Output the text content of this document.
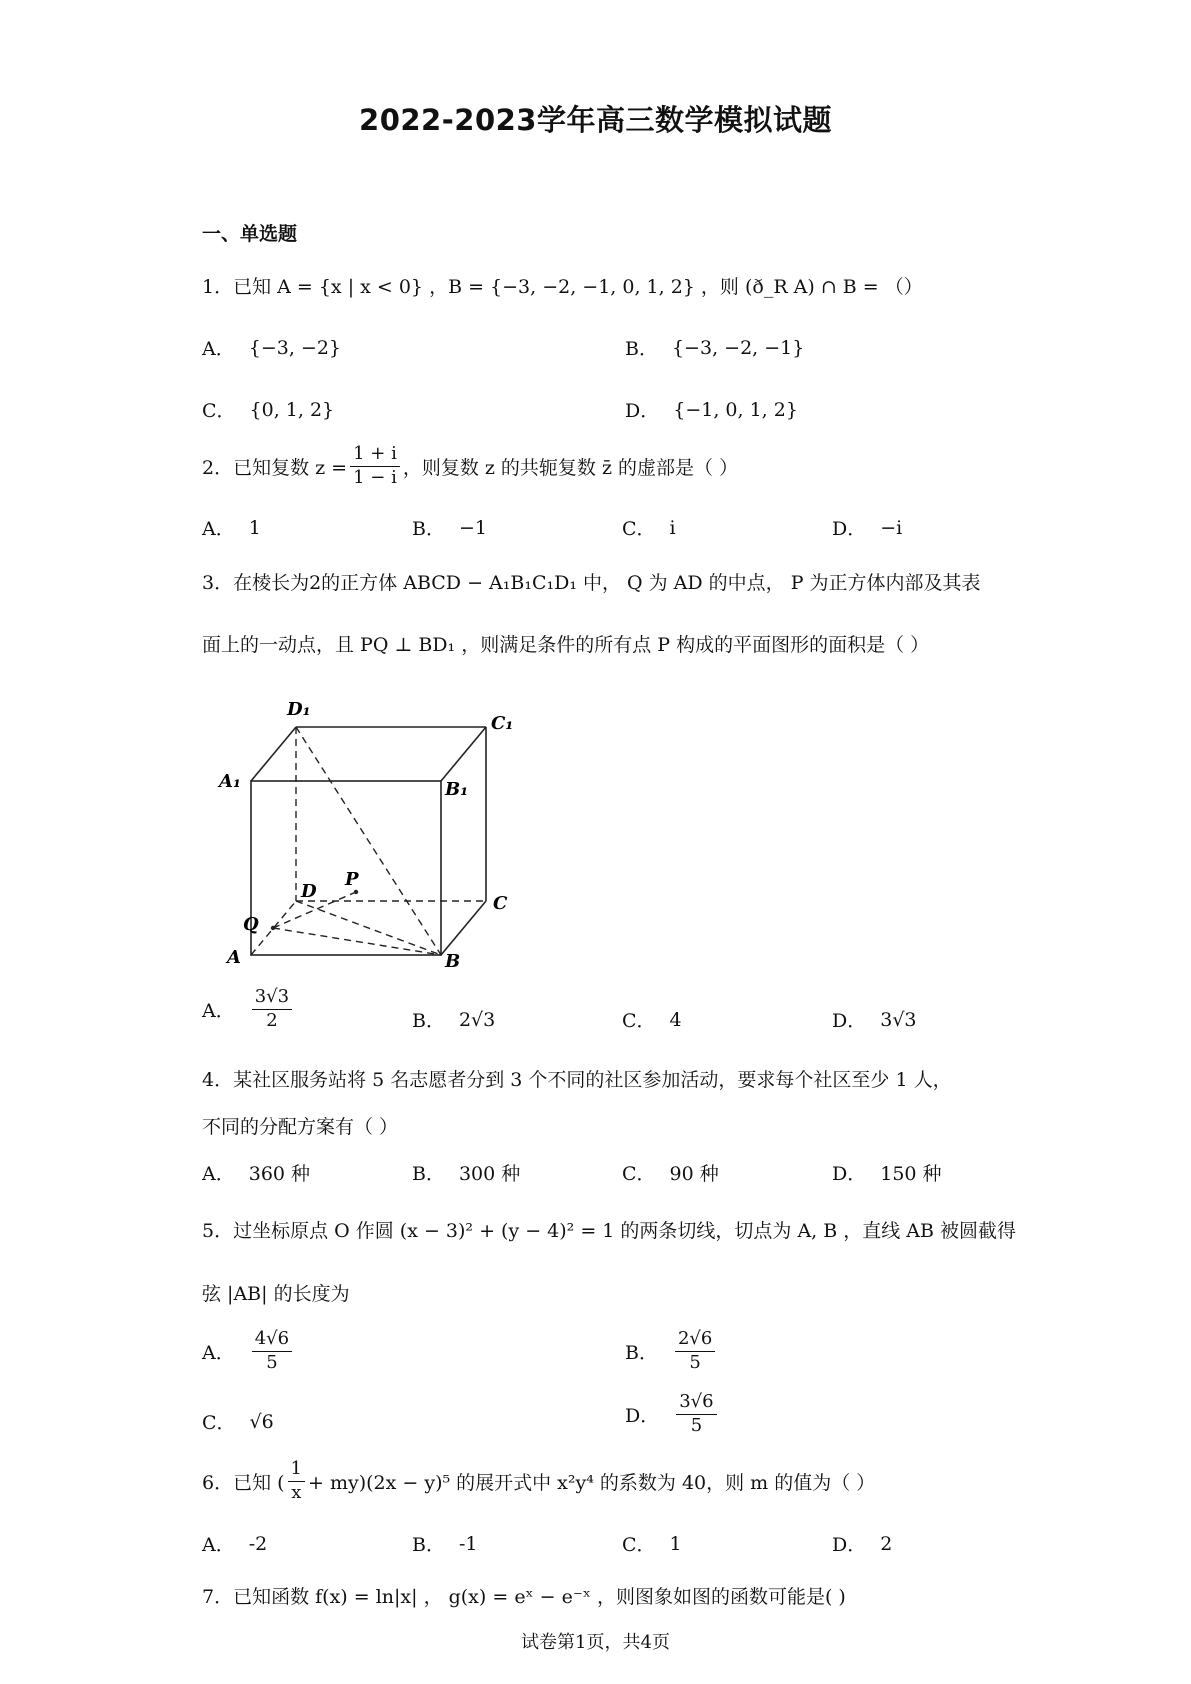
2022-2023学年高三数学模拟试题
一、单选题
1．已知 A = {x | x < 0} ，B = {−3, −2, −1, 0, 1, 2} ，则 (ð_R A) ∩ B = （）
A． {−3, −2}	B． {−3, −2, −1}
C． {0, 1, 2}	D． {−1, 0, 1, 2}
2．已知复数 $z = \frac{1 + i}{1 - i}$ ，则复数 z 的共轭复数 z̄ 的虚部是（ ）
A． 1	B． −1	C． i	D． −i
3．在棱长为2的正方体 ABCD − A₁B₁C₁D₁ 中， Q 为 AD 的中点， P 为正方体内部及其表
面上的一动点，且 PQ ⊥ BD₁ ，则满足条件的所有点 P 构成的平面图形的面积是（ ）
D₁
C₁
A₁	B₁
P
D
C
Q
A	B
A． $\frac{3√3}{2}$	B． 2√3	C． 4	D． 3√3
4．某社区服务站将 5 名志愿者分到 3 个不同的社区参加活动，要求每个社区至少 1 人，
不同的分配方案有（ ）
A． 360 种	B． 300 种	C． 90 种	D． 150 种
5．过坐标原点 O 作圆 (x − 3)² + (y − 4)² = 1 的两条切线，切点为 A, B ，直线 AB 被圆截得
弦 |AB| 的长度为
A． $\frac{4√6}{5}$	B． $\frac{2√6}{5}$
C． √6	D． $\frac{3√6}{5}$
6．已知 ( $\frac{1}{x} + my)(2x - y)^5$ 的展开式中 x²y⁴ 的系数为 40，则 m 的值为（ ）
A． -2	B． -1	C． 1	D． 2
7．已知函数 f(x) = ln|x| ， g(x) = eˣ − e⁻ˣ ，则图象如图的函数可能是( )
试卷第1页，共4页
